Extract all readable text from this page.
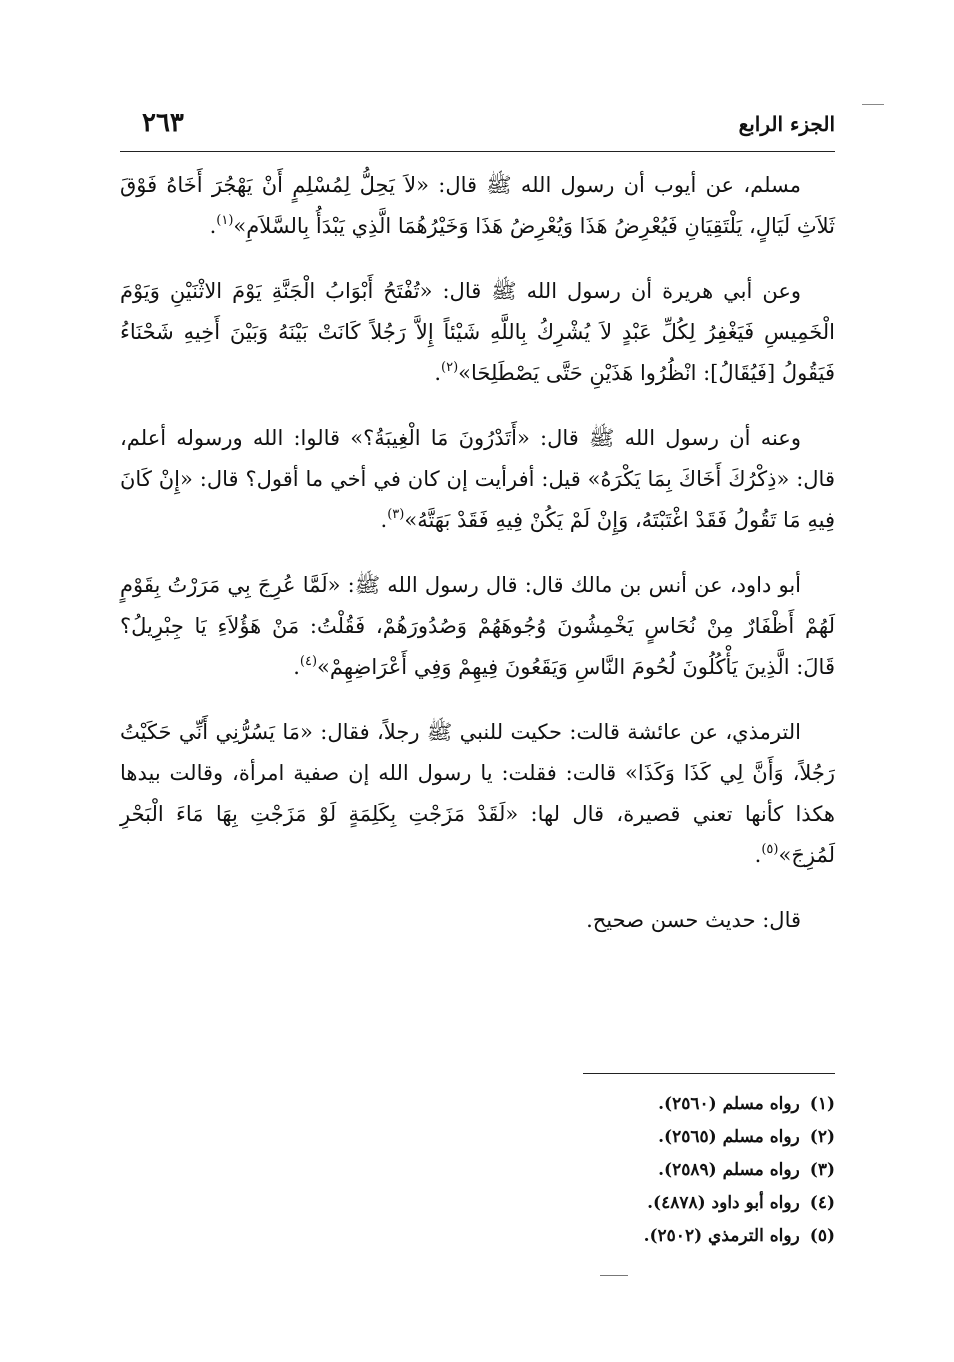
الجزء الرابع
٢٦٣

مسلم، عن أيوب أن رسول الله ﷺ قال: «لاَ يَحِلُّ لِمُسْلِمٍ أَنْ يَهْجُرَ أَخَاهُ فَوْقَ ثَلاَثِ لَيَالٍ، يَلْتَقِيَانِ فَيُعْرِضُ هَذَا وَيُعْرِضُ هَذَا وَخَيْرُهُمَا الَّذِي يَبْدَأُ بِالسَّلاَمِ»$^{(١)}$.

وعن أبي هريرة أن رسول الله ﷺ قال: «تُفْتَحُ أَبْوَابُ الْجَنَّةِ يَوْمَ الاثْنَيْنِ وَيَوْمَ الْخَمِيسِ فَيَغْفِرُ لِكُلِّ عَبْدٍ لاَ يُشْرِكُ بِاللَّهِ شَيْئاً إِلاَّ رَجُلاً كَانَتْ بَيْنَهُ وَبَيْنَ أَخِيهِ شَحْنَاءُ فَيَقُولُ [فَيُقَالُ]: انْظُرُوا هَذَيْنِ حَتَّى يَصْطَلِحَا»$^{(٢)}$.

وعنه أن رسول الله ﷺ قال: «أَتَدْرُونَ مَا الْغِيبَةُ؟» قالوا: الله ورسوله أعلم، قال: «ذِكْرُكَ أَخَاكَ بِمَا يَكْرَهُ» قيل: أفرأيت إن كان في أخي ما أقول؟ قال: «إِنْ كَانَ فِيهِ مَا تَقُولُ فَقَدْ اغْتَبْتَهُ، وَإِنْ لَمْ يَكُنْ فِيهِ فَقَدْ بَهَتَّهُ»$^{(٣)}$.

أبو داود، عن أنس بن مالك قال: قال رسول الله ﷺ: «لَمَّا عُرِجَ بِي مَرَرْتُ بِقَوْمٍ لَهُمْ أَظْفَارٌ مِنْ نُحَاسٍ يَخْمِشُونَ وُجُوهَهُمْ وَصُدُورَهُمْ، فَقُلْتُ: مَنْ هَؤُلاَءِ يَا جِبْرِيلُ؟ قَالَ: الَّذِينَ يَأْكُلُونَ لُحُومَ النَّاسِ وَيَقَعُونَ فِيهِمْ وَفِي أَعْرَاضِهِمْ»$^{(٤)}$.

الترمذي، عن عائشة قالت: حكيت للنبي ﷺ رجلاً، فقال: «مَا يَسُرُّنِي أَنِّي حَكَيْتُ رَجُلاً، وَأَنَّ لِي كَذَا وَكَذَا» قالت: فقلت: يا رسول الله إن صفية امرأة، وقالت بيدها هكذا كأنها تعني قصيرة، قال لها: «لَقَدْ مَزَجْتِ بِكَلِمَةٍ لَوْ مَزَجْتِ بِهَا مَاءَ الْبَحْرِ لَمُزِجَ»$^{(٥)}$.

قال: حديث حسن صحيح.

(١)رواه مسلم (٢٥٦٠).
(٢)رواه مسلم (٢٥٦٥).
(٣)رواه مسلم (٢٥٨٩).
(٤)رواه أبو داود (٤٨٧٨).
(٥)رواه الترمذي (٢٥٠٢).
